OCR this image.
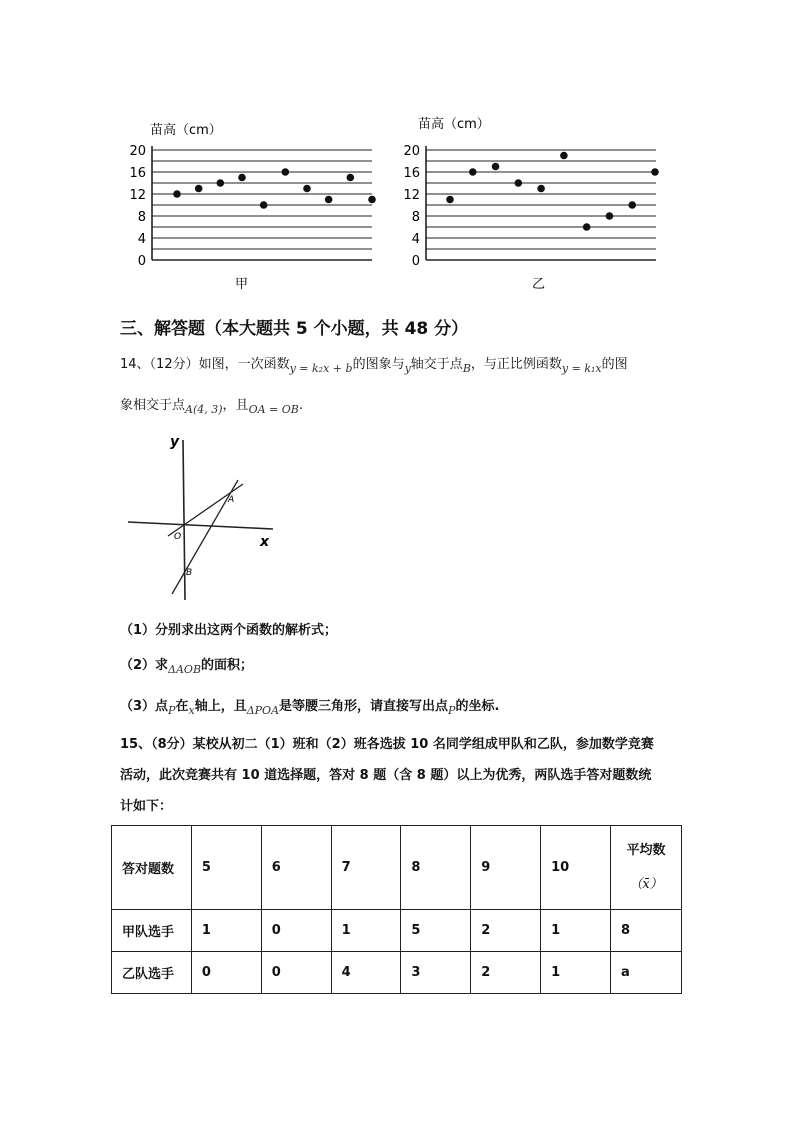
苗高（cm）
甲
0
4
8
12
16
20
苗高（cm）
乙
0
4
8
12
16
20
三、解答题（本大题共 5 个小题，共 48 分）
14、（12分）如图，一次函数$_{y = k_2x + b}$的图象与$_y$轴交于点$_B$，与正比例函数$_{y = k_1x}$的图
象相交于点$_{A(4, 3)}$，且$_{OA = OB}$.
y
x
O
A
B
（1）分别求出这两个函数的解析式；
（2）求$_{\Delta AOB}$的面积；
（3）点$_P$在$_x$轴上，且$_{\Delta POA}$是等腰三角形，请直接写出点$_P$的坐标.
15、（8分）某校从初二（1）班和（2）班各选拔 10 名同学组成甲队和乙队，参加数学竞赛
活动，此次竞赛共有 10 道选择题，答对 8 题（含 8 题）以上为优秀，两队选手答对题数统
计如下：
答对题数	5	6	7	8	9	10	平均数
（x̄）
甲队选手	1	0	1	5	2	1	8
乙队选手	0	0	4	3	2	1	a
